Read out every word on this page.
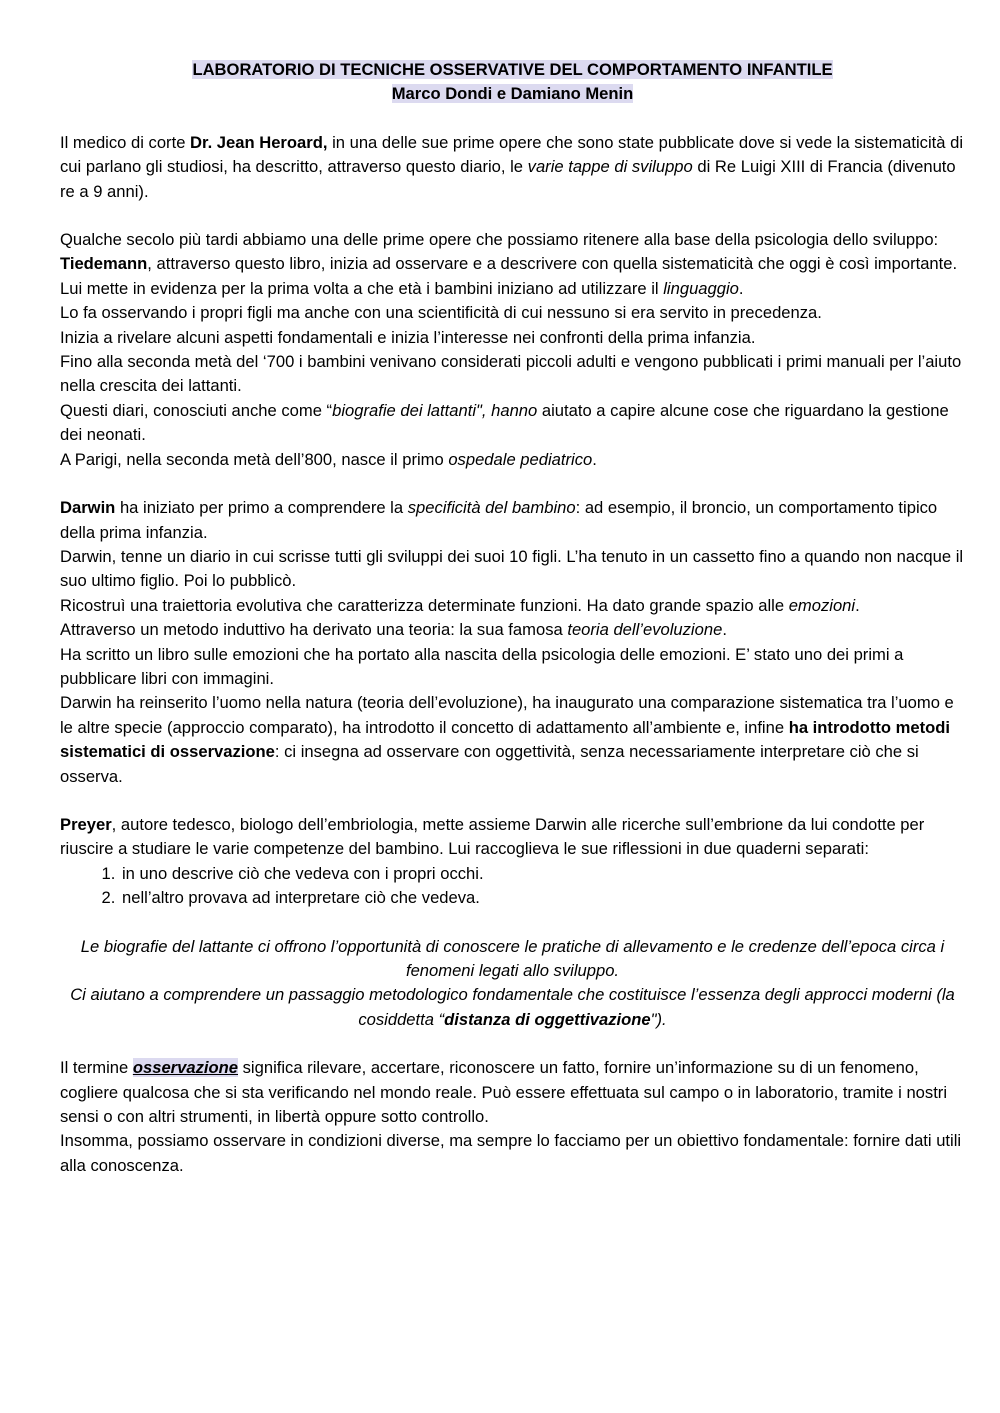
LABORATORIO DI TECNICHE OSSERVATIVE DEL COMPORTAMENTO INFANTILE
Marco Dondi e Damiano Menin

Il medico di corte Dr. Jean Heroard, in una delle sue prime opere che sono state pubblicate dove si vede la sistematicità di cui parlano gli studiosi, ha descritto, attraverso questo diario, le varie tappe di sviluppo di Re Luigi XIII di Francia (divenuto re a 9 anni).

Qualche secolo più tardi abbiamo una delle prime opere che possiamo ritenere alla base della psicologia dello sviluppo: Tiedemann, attraverso questo libro, inizia ad osservare e a descrivere con quella sistematicità che oggi è così importante.

Lui mette in evidenza per la prima volta a che età i bambini iniziano ad utilizzare il linguaggio.

Lo fa osservando i propri figli ma anche con una scientificità di cui nessuno si era servito in precedenza.

Inizia a rivelare alcuni aspetti fondamentali e inizia l’interesse nei confronti della prima infanzia.

Fino alla seconda metà del ‘700 i bambini venivano considerati piccoli adulti e vengono pubblicati i primi manuali per l’aiuto nella crescita dei lattanti.

Questi diari, conosciuti anche come “biografie dei lattanti", hanno aiutato a capire alcune cose che riguardano la gestione dei neonati.

A Parigi, nella seconda metà dell’800, nasce il primo ospedale pediatrico.

Darwin ha iniziato per primo a comprendere la specificità del bambino: ad esempio, il broncio, un comportamento tipico della prima infanzia.

Darwin, tenne un diario in cui scrisse tutti gli sviluppi dei suoi 10 figli. L’ha tenuto in un cassetto fino a quando non nacque il suo ultimo figlio. Poi lo pubblicò.

Ricostruì una traiettoria evolutiva che caratterizza determinate funzioni. Ha dato grande spazio alle emozioni.

Attraverso un metodo induttivo ha derivato una teoria: la sua famosa teoria dell’evoluzione.

Ha scritto un libro sulle emozioni che ha portato alla nascita della psicologia delle emozioni. E’ stato uno dei primi a pubblicare libri con immagini.

Darwin ha reinserito l’uomo nella natura (teoria dell’evoluzione), ha inaugurato una comparazione sistematica tra l’uomo e le altre specie (approccio comparato), ha introdotto il concetto di adattamento all’ambiente e, infine ha introdotto metodi sistematici di osservazione: ci insegna ad osservare con oggettività, senza necessariamente interpretare ciò che si osserva.

Preyer, autore tedesco, biologo dell’embriologia, mette assieme Darwin alle ricerche sull’embrione da lui condotte per riuscire a studiare le varie competenze del bambino. Lui raccoglieva le sue riflessioni in due quaderni separati:

1. in uno descrive ciò che vedeva con i propri occhi.
2. nell’altro provava ad interpretare ciò che vedeva.

Le biografie del lattante ci offrono l’opportunità di conoscere le pratiche di allevamento e le credenze dell’epoca circa i fenomeni legati allo sviluppo.

Ci aiutano a comprendere un passaggio metodologico fondamentale che costituisce l’essenza degli approcci moderni (la cosiddetta “distanza di oggettivazione").

Il termine osservazione significa rilevare, accertare, riconoscere un fatto, fornire un’informazione su di un fenomeno, cogliere qualcosa che si sta verificando nel mondo reale. Può essere effettuata sul campo o in laboratorio, tramite i nostri sensi o con altri strumenti, in libertà oppure sotto controllo.

Insomma, possiamo osservare in condizioni diverse, ma sempre lo facciamo per un obiettivo fondamentale: fornire dati utili alla conoscenza.
